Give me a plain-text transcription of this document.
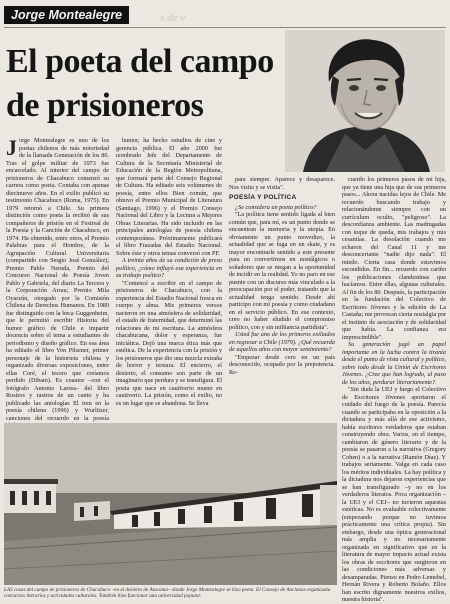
Jorge Montealegre	s de v
El poeta del campo de prisioneros

Jorge Montealegre es uno de los poetas chilenos de más notoriedad de la llamada Generación de los 80. Tras el golpe militar de 1973 fue encarcelado. Al interior del campo de prisioneros de Chacabuco comenzó su carrera como poeta. Contaba con apenas diecinueve años. En el exilio publicó su testimonio Chacabuco (Roma, 1975). En 1979 retornó a Chile. Su primera distinción como poeta la recibió de sus compañeros de prisión en el Festival de la Poesía y la Canción de Chacabuco, en 1974. Ha obtenido, entre otros, el Premio Palabras para el Hombre, de la Agrupación Cultural Universitaria (compartido con Sergio José González); Premio Pablo Neruda, Premio del Concurso Nacional de Poesía Joven Pablo y Gabriela, del diario La Tercera y la Corporación Arrau; Premio Mila Oyarzún, otorgado por la Comisión Chilena de Derechos Humanos. En 1989 fue distinguido con la beca Guggenheim, que le permitió escribir Historia del humor gráfico de Chile e impartir docencia sobre el tema a estudiantes de periodismo y diseño gráfico. En esa área ha editado el libro Von Pilsener, primer personaje de la historieta chilena y organizado diversas exposiciones, entre ellas Coré, el tesoro que creíamos perdido (Dibam). Es coautor –con el fotógrafo Antonio Larrea– del libro Rostros y rastros de un canto y ha publicado las antologías El tren en la poesía chilena (1996) y Wurlitzer, canciones del recuerdo en la poesía

humor, ha hecho estudios de cine y gerencia pública. El año 2000 fue nombrado Jefe del Departamento de Cultura de la Secretaría Ministerial de Educación de la Región Metropolitana, que formará parte del Consejo Regional de Cultura. Ha editado seis volúmenes de poesía, entre ellos Bien común, que obtuvo el Premio Municipal de Literatura (Santiago, 1996) y el Premio Consejo Nacional del Libro y la Lectura a Mejores Obras Literarias. Ha sido incluido en las principales antologías de poesía chilena contemporánea. Próximamente publicará el libro Frazadas del Estadio Nacional. Sobre éste y otros temas conversó con PF.

A treinta años de su condición de preso político, ¿cómo influyó esa experiencia en su trabajo poético?

"Comencé a escribir en el campo de prisioneros de Chacabuco, con la experiencia del Estadio Nacional fresca en cuerpo y alma. Mis primeros versos nacieron en una atmósfera de solidaridad, el estado de fraternidad, que determinó las relaciones de mi escritura. La atmósfera chacabucana, dolor y esperanza, fue iniciática. Dejó una marca ética más que estética. De la experiencia con la prisión y los prisioneros que dio una mezcla extraña de horror y ternura. El encierro, el desierto, el consumo son parte de un imaginario que perdura y se transfigura. El poeta que nace en cautiverio muere en cautiverio. La prisión, como el exilio, no es un lugar que se abandona. Se lleva

para siempre. Aparece y desaparece. Nos visita y se visita".

POESÍA Y POLÍTICA

¿Se considera un poeta político?

"La política tiene sentido ligada al bien común que, para mí, es un punto donde se encuentran la memoria y la utopía. En obviamente un punto movedizo, la actualidad que se fuga en un skate, y es mayor encontrarle sentido a este presente para no convertirnos en nostálgicos o soñadores que se niegan a la oportunidad de incidir en la realidad. Yo no paro en ese puente con un discurso más vinculado a la preocupación por el poder, tratando que la actualidad tenga sentido. Desde ahí participo con mi poesía y como ciudadano en el servicio público. En ese contexto, creo no haber eludido el compromiso político, con y sin militancia partidista".

Usted fue uno de los primeros exiliados en regresar a Chile (1979). ¿Qué recuerda de aquellos años con mayor sentimiento?

"Empezar desde cero en un país desconocido, ocupado por la prepotencia. Re-

cuerdo los primeros pasos de mi hija, que ya tiene una hija que de sus primeros pasos... Ahora nacidas lejos de Chile. Me recuerdo buscando trabajo y relacionándome siempre con un currículum oculto, "peligroso". La desconfianza ambiente. Las madrugadas con toque de queda, mis trabajos y mis cesantías. La desolación cuando me echaron del Canal 11 y me desconcertante "nadie dijo nada". El miedo. Cierta casa donde estuvimos escondidos. En fin... recuerdo con cariño los publicaciones clandestinas que hacíamos. Entre ellas, algunas culturales. Al fin de los 80. Después, la participación en la fundación del Colectivo de Escritores Jóvenes y la edición de La Castaña; me provocan cierta nostalgia por el instinto de asociación y de solidaridad que había. La confianza era imprescindible".

Su generación jugó un papel importante en la lucha contra la tiranía desde el punto de vista cultural y político, sobre todo desde la Unión de Escritores Jóvenes. ¿Cree que han logrado, al paso de los años, perdurar literariamente?

"Sin duda la UEJ y luego el Colectivo de Escritores Jóvenes aportaron el cuidado del fuego de la poesía. Parecía cuando se participaba en la oposición a la dictadura y más allá de ese activismo, había escritores verdaderos que estaban construyendo obra. Varios, en el tiempo, cambiaron de género literario y de la poesía se pasaron a la narrativa (Gregory Cohen) o a la narrativa (Ramón Díaz). Y trabajos seriamente. Valga en cada caso los méritos individuales. La hay política y la dictadura nos dejaron experiencias que se han transfigurado –y no en los verdaderos literatos. Poca organización –la UEJ y el CEJ– no tuvieron aquestas estéticas. No es evaluable colectivamente (empezando porque no tuvimos prácticamente una crítica propia). Sin embargo, desde una óptica generacional más amplia y no necesariamente organizada en significativo que en la literatura de mayor impacto actual exista los obras de escritores que surgieron en las condiciones más adversas y desamparadas. Pienso en Pedro Lemebel, Hernán Rivera y Roberto Bolaño. Ellos han escrito dignamente nuestros exilios, nuestra historia".

LAS casas del campo de prisioneros de Chacabuco –en el desierto de Atacama– donde Jorge Montealegre se hizo poeta. El Consejo de Ancianos organizaba concursos literarios y actividades culturales. También hizo funcionar una universidad popular.
